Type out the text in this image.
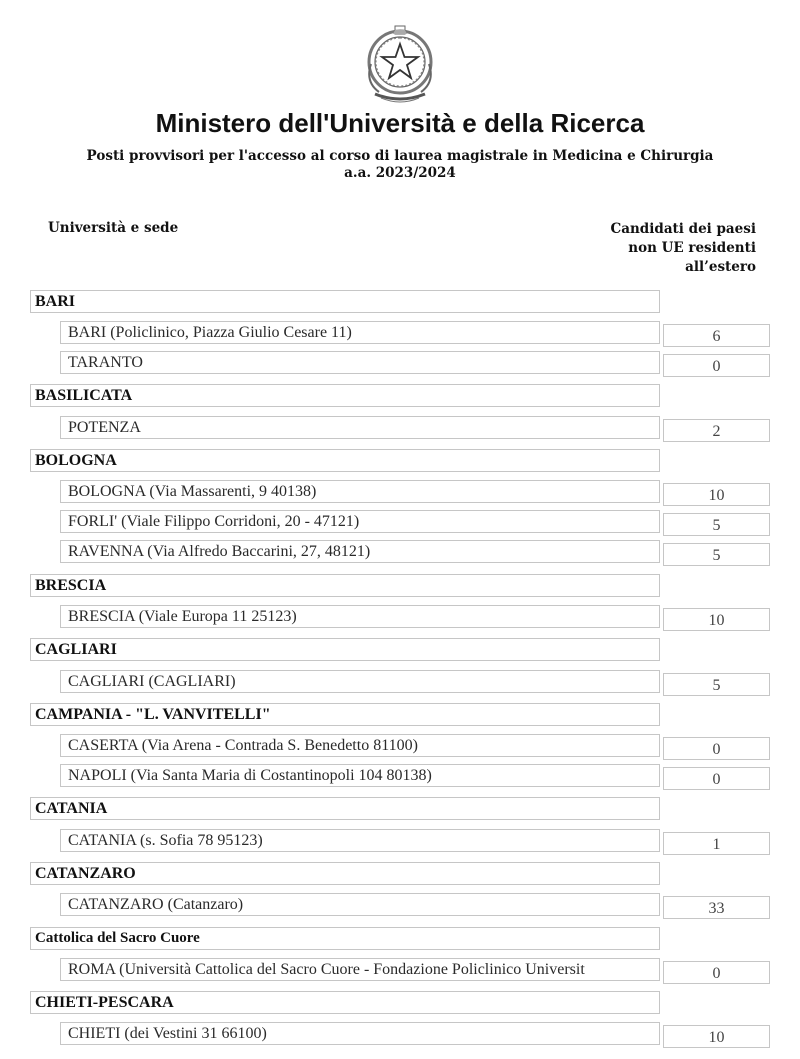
Ministero dell'Università e della Ricerca
Posti provvisori per l'accesso al corso di laurea magistrale in Medicina e Chirurgia
a.a. 2023/2024
Università e sede	Candidati dei paesi
non UE residenti
all’estero
BARI
BARI (Policlinico, Piazza Giulio Cesare 11)	6
TARANTO	0
BASILICATA
POTENZA	2
BOLOGNA
BOLOGNA (Via Massarenti, 9 40138)	10
FORLI' (Viale Filippo Corridoni, 20 - 47121)	5
RAVENNA (Via Alfredo Baccarini, 27, 48121)	5
BRESCIA
BRESCIA (Viale Europa 11 25123)	10
CAGLIARI
CAGLIARI (CAGLIARI)	5
CAMPANIA - "L. VANVITELLI"
CASERTA (Via Arena - Contrada S. Benedetto 81100)	0
NAPOLI (Via Santa Maria di Costantinopoli 104 80138)	0
CATANIA
CATANIA (s. Sofia 78 95123)	1
CATANZARO
CATANZARO (Catanzaro)	33
Cattolica del Sacro Cuore
ROMA (Università Cattolica del Sacro Cuore - Fondazione Policlinico Universit	0
CHIETI-PESCARA
CHIETI (dei Vestini 31 66100)	10
